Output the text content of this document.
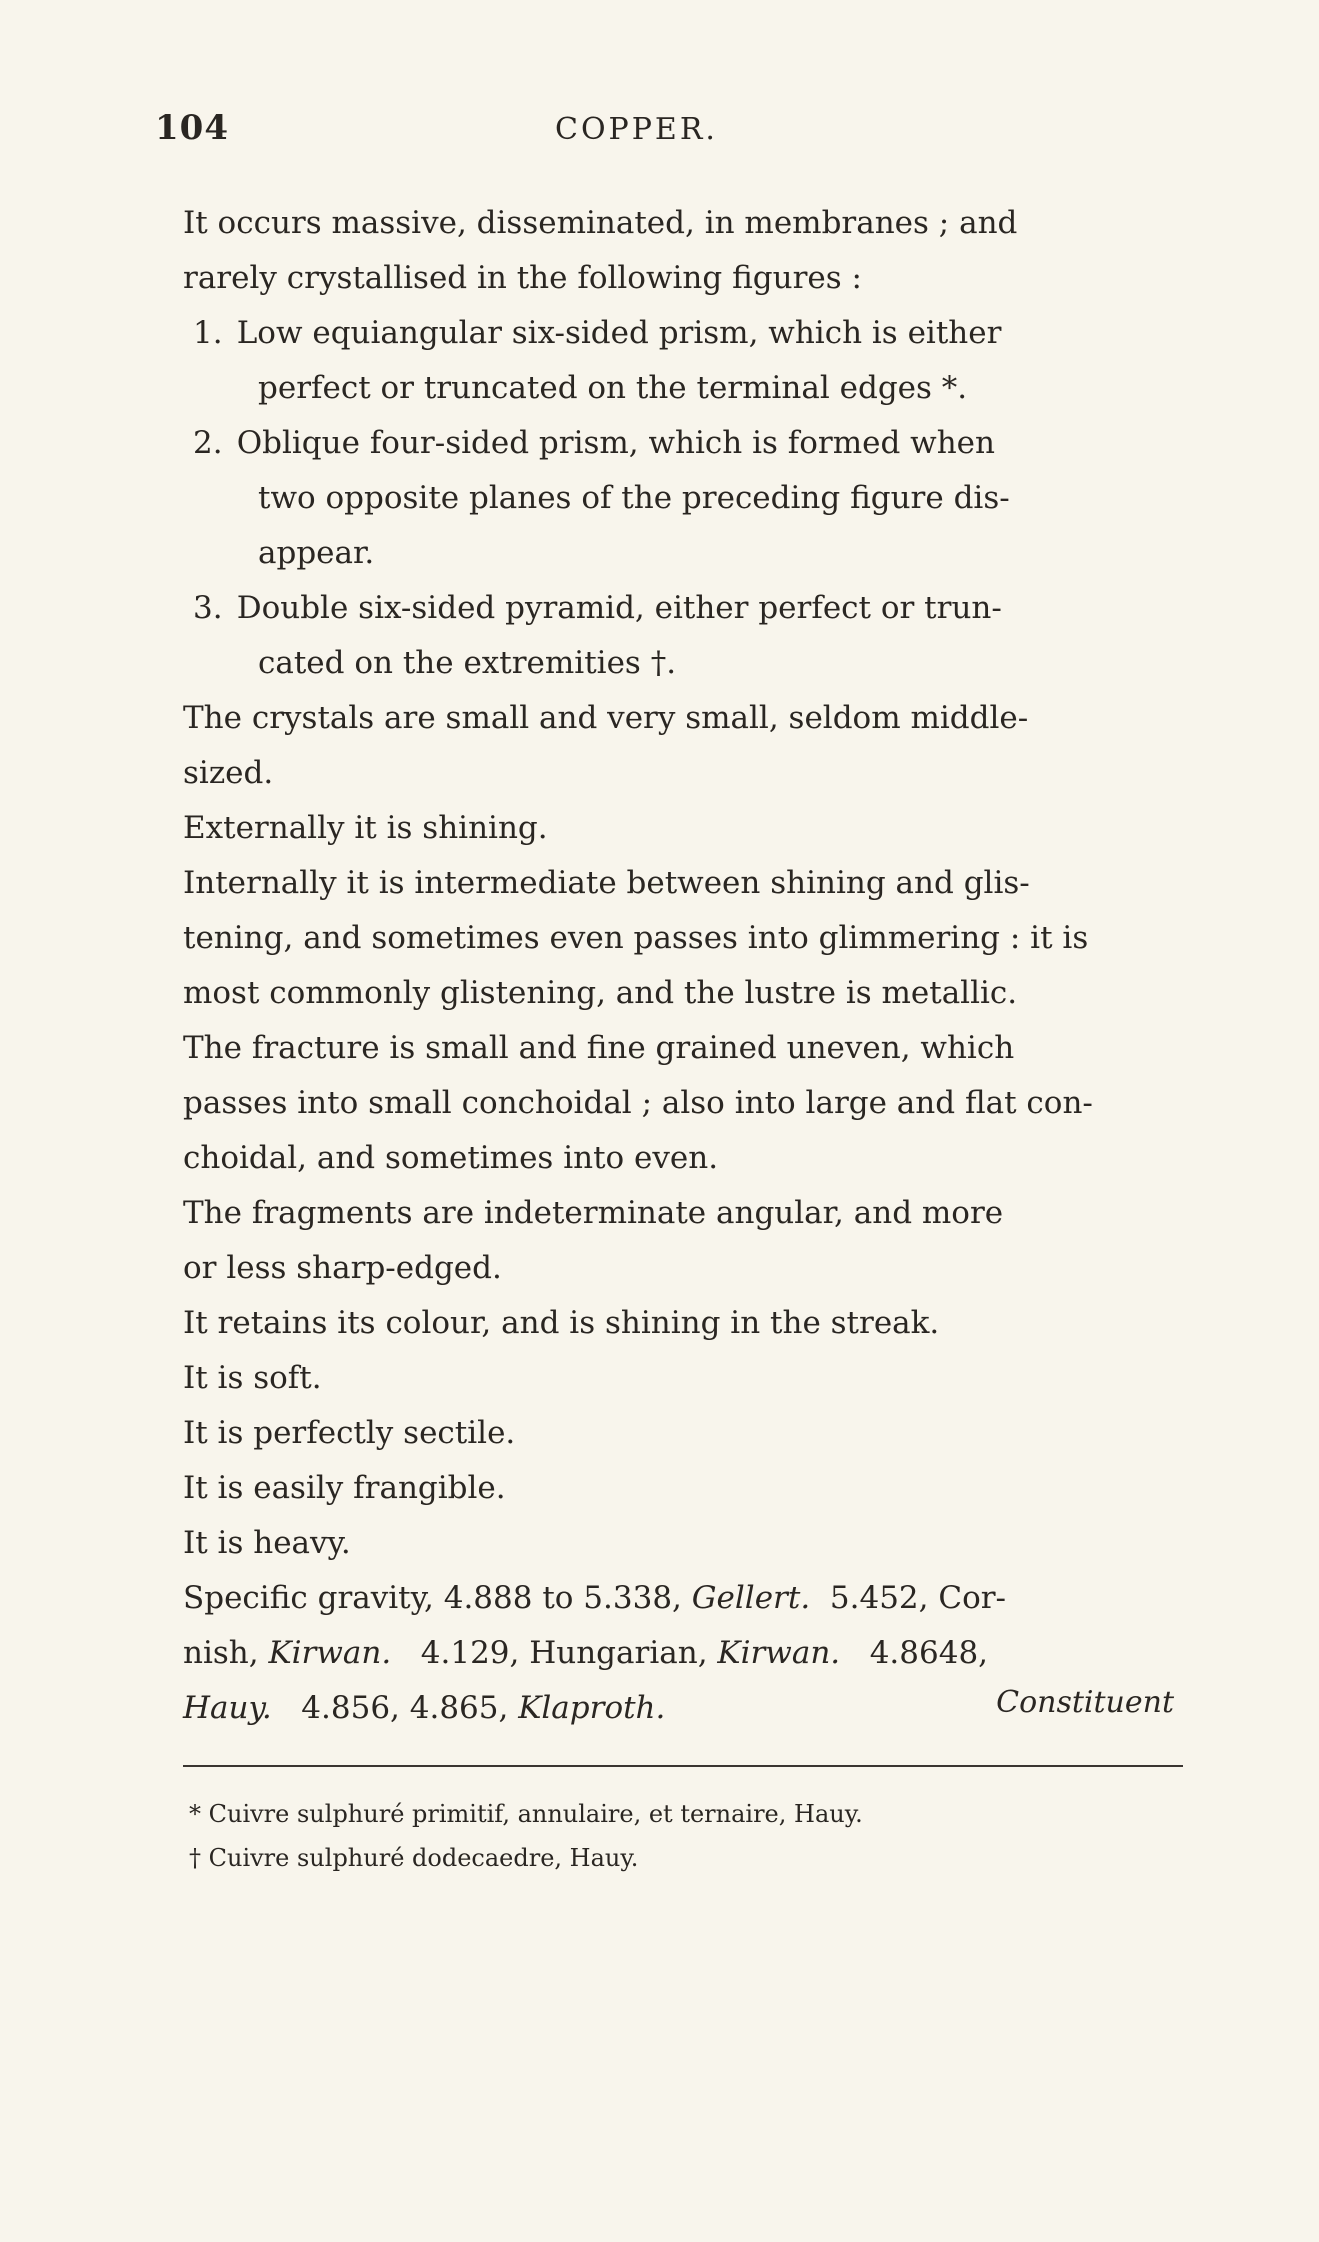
104	COPPER.
It occurs massive, disseminated, in membranes ; and
rarely crystallised in the following figures :
1. Low equiangular six-sided prism, which is either
perfect or truncated on the terminal edges *.
2. Oblique four-sided prism, which is formed when
two opposite planes of the preceding figure dis-
appear.
3. Double six-sided pyramid, either perfect or trun-
cated on the extremities †.
The crystals are small and very small, seldom middle-
sized.
Externally it is shining.
Internally it is intermediate between shining and glis-
tening, and sometimes even passes into glimmering : it is
most commonly glistening, and the lustre is metallic.
The fracture is small and fine grained uneven, which
passes into small conchoidal ; also into large and flat con-
choidal, and sometimes into even.
The fragments are indeterminate angular, and more
or less sharp-edged.
It retains its colour, and is shining in the streak.
It is soft.
It is perfectly sectile.
It is easily frangible.
It is heavy.
Specific gravity, 4.888 to 5.338, Gellert.  5.452, Cor-
nish, Kirwan.   4.129, Hungarian, Kirwan.   4.8648,
Hauy.   4.856, 4.865, Klaproth.	Constituent
* Cuivre sulphuré primitif, annulaire, et ternaire, Hauy.
† Cuivre sulphuré dodecaedre, Hauy.
